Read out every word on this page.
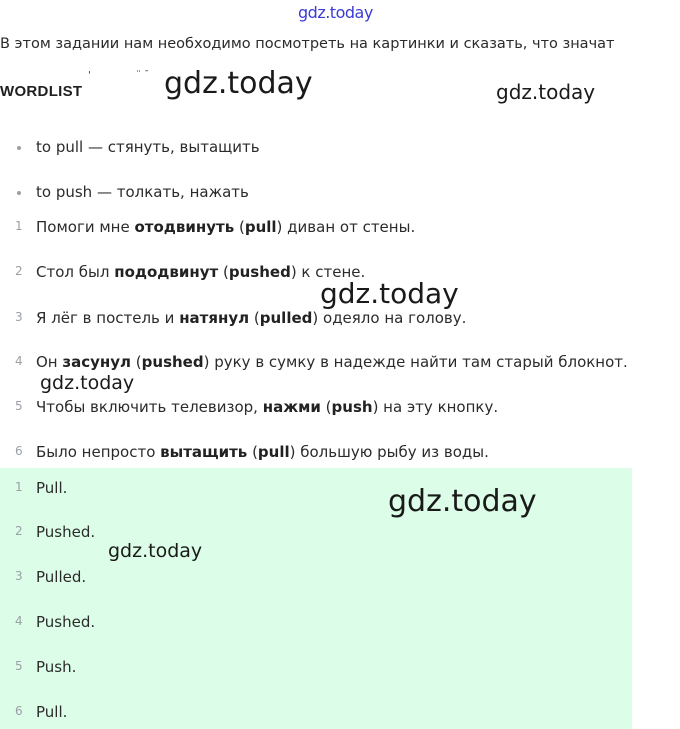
gdz.today
В этом задании нам необходимо посмотреть на картинки и сказать, что значат
WORDLIST
'	¨ ¯
to pull — стянуть, вытащить
to push — толкать, нажать
1 Помоги мне отодвинуть (pull) диван от стены.
2 Стол был пододвинут (pushed) к стене.
3 Я лёг в постель и натянул (pulled) одеяло на голову.
4 Он засунул (pushed) руку в сумку в надежде найти там старый блокнот.
5 Чтобы включить телевизор, нажми (push) на эту кнопку.
6 Было непросто вытащить (pull) большую рыбу из воды.
1 Pull.
2 Pushed.
3 Pulled.
4 Pushed.
5 Push.
6 Pull.
gdz.today	gdz.today
gdz.today
gdz.today
gdz.today
gdz.today
